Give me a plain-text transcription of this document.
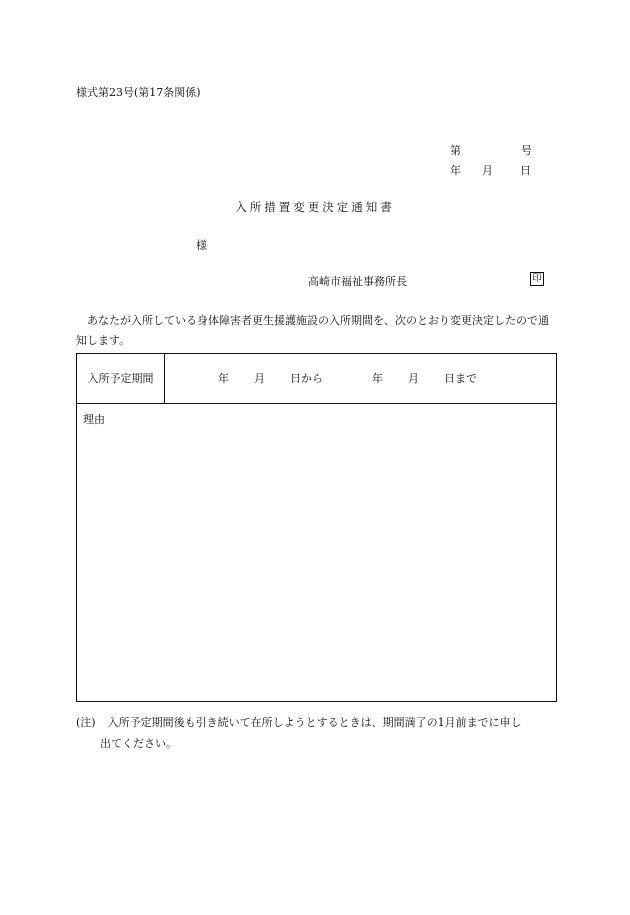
様式第23号(第17条関係)
第	号
年	月	日
入所措置変更決定通知書
様
高崎市福祉事務所長	印
あなたが入所している身体障害者更生援護施設の入所期間を、次のとおり変更決定したので通知します。
入所予定期間	年 月 日から	年 月 日まで
理由
(注) 入所予定期間後も引き続いて在所しようとするときは、期間満了の1月前までに申し
出てください。
